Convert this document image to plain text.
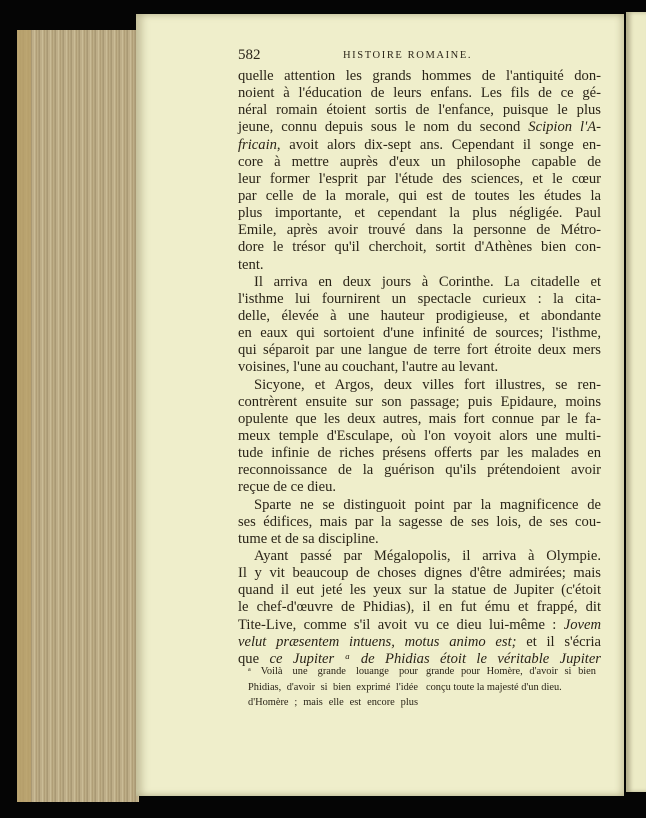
582	HISTOIRE ROMAINE.
quelle attention les grands hommes de l'antiquité don-
noient à l'éducation de leurs enfans. Les fils de ce gé-
néral romain étoient sortis de l'enfance, puisque le plus
jeune, connu depuis sous le nom du second Scipion l'A-
fricain, avoit alors dix-sept ans. Cependant il songe en-
core à mettre auprès d'eux un philosophe capable de
leur former l'esprit par l'étude des sciences, et le cœur
par celle de la morale, qui est de toutes les études la
plus importante, et cependant la plus négligée. Paul
Emile, après avoir trouvé dans la personne de Métro-
dore le trésor qu'il cherchoit, sortit d'Athènes bien con-
tent.
Il arriva en deux jours à Corinthe. La citadelle et
l'isthme lui fournirent un spectacle curieux : la cita-
delle, élevée à une hauteur prodigieuse, et abondante
en eaux qui sortoient d'une infinité de sources; l'isthme,
qui séparoit par une langue de terre fort étroite deux mers
voisines, l'une au couchant, l'autre au levant.
Sicyone, et Argos, deux villes fort illustres, se ren-
contrèrent ensuite sur son passage; puis Epidaure, moins
opulente que les deux autres, mais fort connue par le fa-
meux temple d'Esculape, où l'on voyoit alors une multi-
tude infinie de riches présens offerts par les malades en
reconnoissance de la guérison qu'ils prétendoient avoir
reçue de ce dieu.
Sparte ne se distinguoit point par la magnificence de
ses édifices, mais par la sagesse de ses lois, de ses cou-
tume et de sa discipline.
Ayant passé par Mégalopolis, il arriva à Olympie.
Il y vit beaucoup de choses dignes d'être admirées; mais
quand il eut jeté les yeux sur la statue de Jupiter (c'étoit
le chef-d'œuvre de Phidias), il en fut ému et frappé, dit
Tite-Live, comme s'il avoit vu ce dieu lui-même : Jovem
velut præsentem intuens, motus animo est; et il s'écria
que ce Jupiter ᵃ de Phidias étoit le véritable Jupiter
ᵃ Voilà une grande louange pour
Phidias, d'avoir si bien exprimé l'idée
d'Homère ; mais elle est encore plus
grande pour Homère, d'avoir si bien
conçu toute la majesté d'un dieu.
